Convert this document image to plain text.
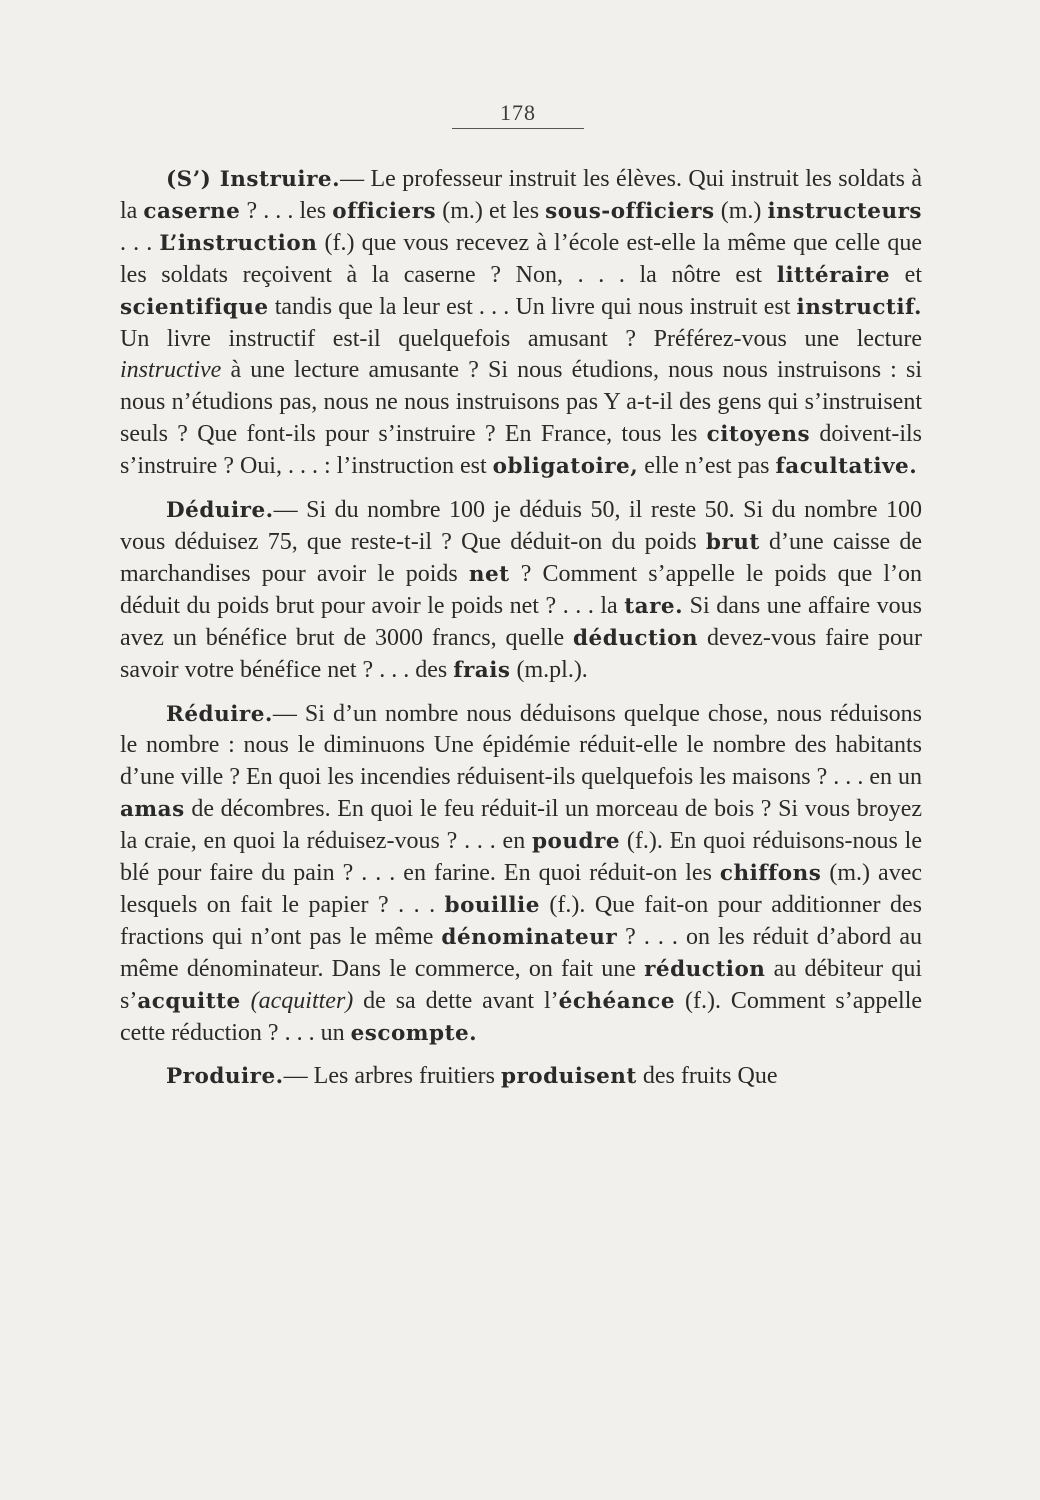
178

(S’) Instruire.— Le professeur instruit les élèves. Qui instruit les soldats à la caserne ? . . . les officiers (m.) et les sous-officiers (m.) instructeurs . . . L’instruction (f.) que vous recevez à l’école est-elle la même que celle que les soldats reçoivent à la caserne ? Non, . . . la nôtre est littéraire et scientifique tandis que la leur est . . . Un livre qui nous instruit est instructif. Un livre instructif est-il quelquefois amusant ? Préférez-vous une lecture instructive à une lecture amusante ? Si nous étudions, nous nous instruisons : si nous n’étudions pas, nous ne nous instruisons pas Y a-t-il des gens qui s’instruisent seuls ? Que font-ils pour s’instruire ? En France, tous les citoyens doivent-ils s’instruire ? Oui, . . . : l’instruction est obligatoire, elle n’est pas facultative.

Déduire.— Si du nombre 100 je déduis 50, il reste 50. Si du nombre 100 vous déduisez 75, que reste-t-il ? Que déduit-on du poids brut d’une caisse de marchandises pour avoir le poids net ? Comment s’appelle le poids que l’on déduit du poids brut pour avoir le poids net ? . . . la tare. Si dans une affaire vous avez un bénéfice brut de 3000 francs, quelle déduction devez-vous faire pour savoir votre bénéfice net ? . . . des frais (m.pl.).

Réduire.— Si d’un nombre nous déduisons quelque chose, nous réduisons le nombre : nous le diminuons Une épidémie réduit-elle le nombre des habitants d’une ville ? En quoi les incendies réduisent-ils quelquefois les maisons ? . . . en un amas de décombres. En quoi le feu réduit-il un morceau de bois ? Si vous broyez la craie, en quoi la réduisez-vous ? . . . en poudre (f.). En quoi réduisons-nous le blé pour faire du pain ? . . . en farine. En quoi réduit-on les chiffons (m.) avec lesquels on fait le papier ? . . . bouillie (f.). Que fait-on pour additionner des fractions qui n’ont pas le même dénominateur ? . . . on les réduit d’abord au même dénominateur. Dans le commerce, on fait une réduction au débiteur qui s’acquitte (acquitter) de sa dette avant l’échéance (f.). Comment s’appelle cette réduction ? . . . un escompte.

Produire.— Les arbres fruitiers produisent des fruits Que
